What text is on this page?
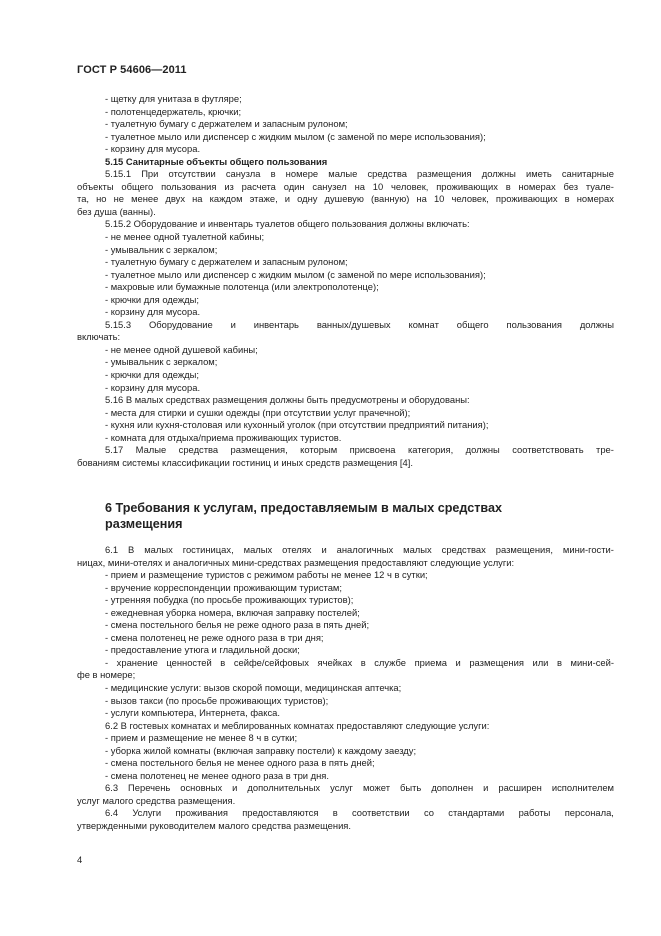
ГОСТ Р 54606—2011
- щетку для унитаза в футляре;
- полотенцедержатель, крючки;
- туалетную бумагу с держателем и запасным рулоном;
- туалетное мыло или диспенсер с жидким мылом (с заменой по мере использования);
- корзину для мусора.
5.15 Санитарные объекты общего пользования
5.15.1 При отсутствии санузла в номере малые средства размещения должны иметь санитарные
объекты общего пользования из расчета один санузел на 10 человек, проживающих в номерах без туале-
та, но не менее двух на каждом этаже, и одну душевую (ванную) на 10 человек, проживающих в номерах
без душа (ванны).
5.15.2 Оборудование и инвентарь туалетов общего пользования должны включать:
- не менее одной туалетной кабины;
- умывальник с зеркалом;
- туалетную бумагу с держателем и запасным рулоном;
- туалетное мыло или диспенсер с жидким мылом (с заменой по мере использования);
- махровые или бумажные полотенца (или электрополотенце);
- крючки для одежды;
- корзину для мусора.
5.15.3 Оборудование и инвентарь ванных/душевых комнат общего пользования должны
включать:
- не менее одной душевой кабины;
- умывальник с зеркалом;
- крючки для одежды;
- корзину для мусора.
5.16 В малых средствах размещения должны быть предусмотрены и оборудованы:
- места для стирки и сушки одежды (при отсутствии услуг прачечной);
- кухня или кухня-столовая или кухонный уголок (при отсутствии предприятий питания);
- комната для отдыха/приема проживающих туристов.
5.17 Малые средства размещения, которым присвоена категория, должны соответствовать тре-
бованиям системы классификации гостиниц и иных средств размещения [4].
6 Требования к услугам, предоставляемым в малых средствах
размещения
6.1 В малых гостиницах, малых отелях и аналогичных малых средствах размещения, мини-гости-
ницах, мини-отелях и аналогичных мини-средствах размещения предоставляют следующие услуги:
- прием и размещение туристов с режимом работы не менее 12 ч в сутки;
- вручение корреспонденции проживающим туристам;
- утренняя побудка (по просьбе проживающих туристов);
- ежедневная уборка номера, включая заправку постелей;
- смена постельного белья не реже одного раза в пять дней;
- смена полотенец не реже одного раза в три дня;
- предоставление утюга и гладильной доски;
- хранение ценностей в сейфе/сейфовых ячейках в службе приема и размещения или в мини-сей-
фе в номере;
- медицинские услуги: вызов скорой помощи, медицинская аптечка;
- вызов такси (по просьбе проживающих туристов);
- услуги компьютера, Интернета, факса.
6.2 В гостевых комнатах и меблированных комнатах предоставляют следующие услуги:
- прием и размещение не менее 8 ч в сутки;
- уборка жилой комнаты (включая заправку постели) к каждому заезду;
- смена постельного белья не менее одного раза в пять дней;
- смена полотенец не менее одного раза в три дня.
6.3 Перечень основных и дополнительных услуг может быть дополнен и расширен исполнителем
услуг малого средства размещения.
6.4 Услуги проживания предоставляются в соответствии со стандартами работы персонала,
утвержденными руководителем малого средства размещения.
4
